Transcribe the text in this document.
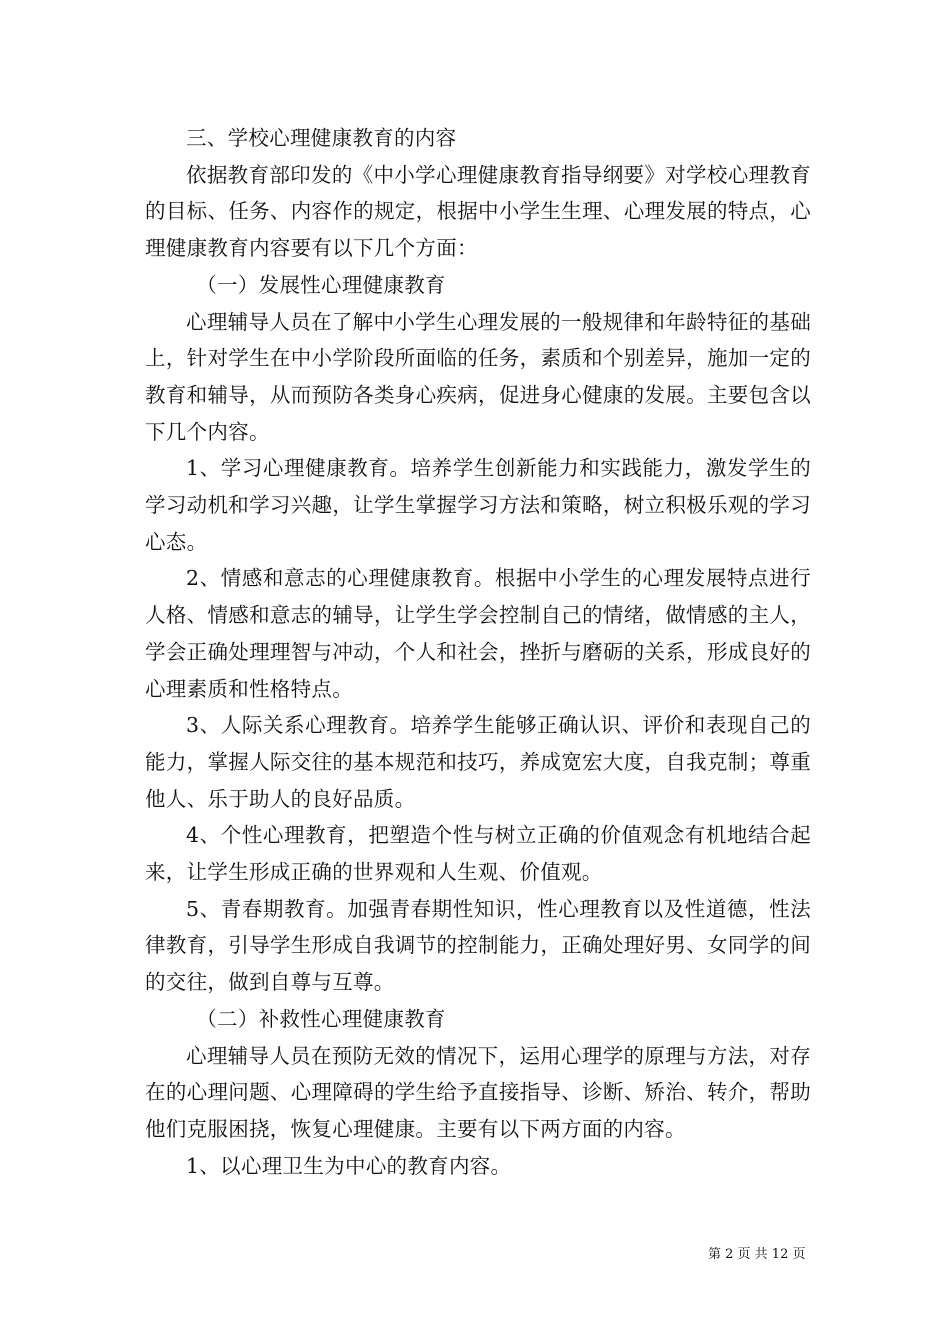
三、学校心理健康教育的内容

依据教育部印发的《中小学心理健康教育指导纲要》对学校心理教育的目标、任务、内容作的规定，根据中小学生生理、心理发展的特点，心理健康教育内容要有以下几个方面：

（一）发展性心理健康教育

心理辅导人员在了解中小学生心理发展的一般规律和年龄特征的基础上，针对学生在中小学阶段所面临的任务，素质和个别差异，施加一定的教育和辅导，从而预防各类身心疾病，促进身心健康的发展。主要包含以下几个内容。

1、学习心理健康教育。培养学生创新能力和实践能力，激发学生的学习动机和学习兴趣，让学生掌握学习方法和策略，树立积极乐观的学习心态。

2、情感和意志的心理健康教育。根据中小学生的心理发展特点进行人格、情感和意志的辅导，让学生学会控制自己的情绪，做情感的主人，学会正确处理理智与冲动，个人和社会，挫折与磨砺的关系，形成良好的心理素质和性格特点。

3、人际关系心理教育。培养学生能够正确认识、评价和表现自己的能力，掌握人际交往的基本规范和技巧，养成宽宏大度，自我克制；尊重他人、乐于助人的良好品质。

4、个性心理教育，把塑造个性与树立正确的价值观念有机地结合起来，让学生形成正确的世界观和人生观、价值观。

5、青春期教育。加强青春期性知识，性心理教育以及性道德，性法律教育，引导学生形成自我调节的控制能力，正确处理好男、女同学的间的交往，做到自尊与互尊。

（二）补救性心理健康教育

心理辅导人员在预防无效的情况下，运用心理学的原理与方法，对存在的心理问题、心理障碍的学生给予直接指导、诊断、矫治、转介，帮助他们克服困挠，恢复心理健康。主要有以下两方面的内容。

1、以心理卫生为中心的教育内容。

第 2 页 共 12 页
